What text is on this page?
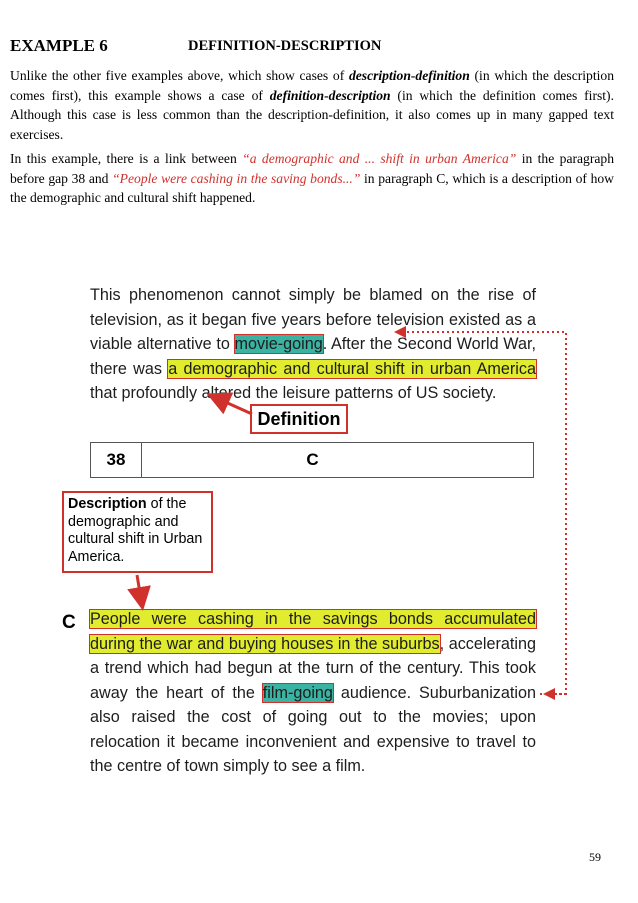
EXAMPLE 6	DEFINITION-DESCRIPTION

Unlike the other five examples above, which show cases of description-definition (in which the description comes first), this example shows a case of definition-description (in which the definition comes first). Although this case is less common than the description-definition, it also comes up in many gapped text exercises.

In this example, there is a link between “a demographic and ... shift in urban America” in the paragraph before gap 38 and “People were cashing in the saving bonds...” in paragraph C, which is a description of how the demographic and cultural shift happened.

This phenomenon cannot simply be blamed on the rise of television, as it began five years before television existed as a viable alternative to movie-going. After the Second World War, there was a demographic and cultural shift in urban America that profoundly altered the leisure patterns of US society.
Definition
38	C
Description of the demographic and cultural shift in Urban America.
C People were cashing in the savings bonds accumulated during the war and buying houses in the suburbs, accelerating a trend which had begun at the turn of the century. This took away the heart of the film-going audience. Suburbanization also raised the cost of going out to the movies; upon relocation it became inconvenient and expensive to travel to the centre of town simply to see a film.
59
